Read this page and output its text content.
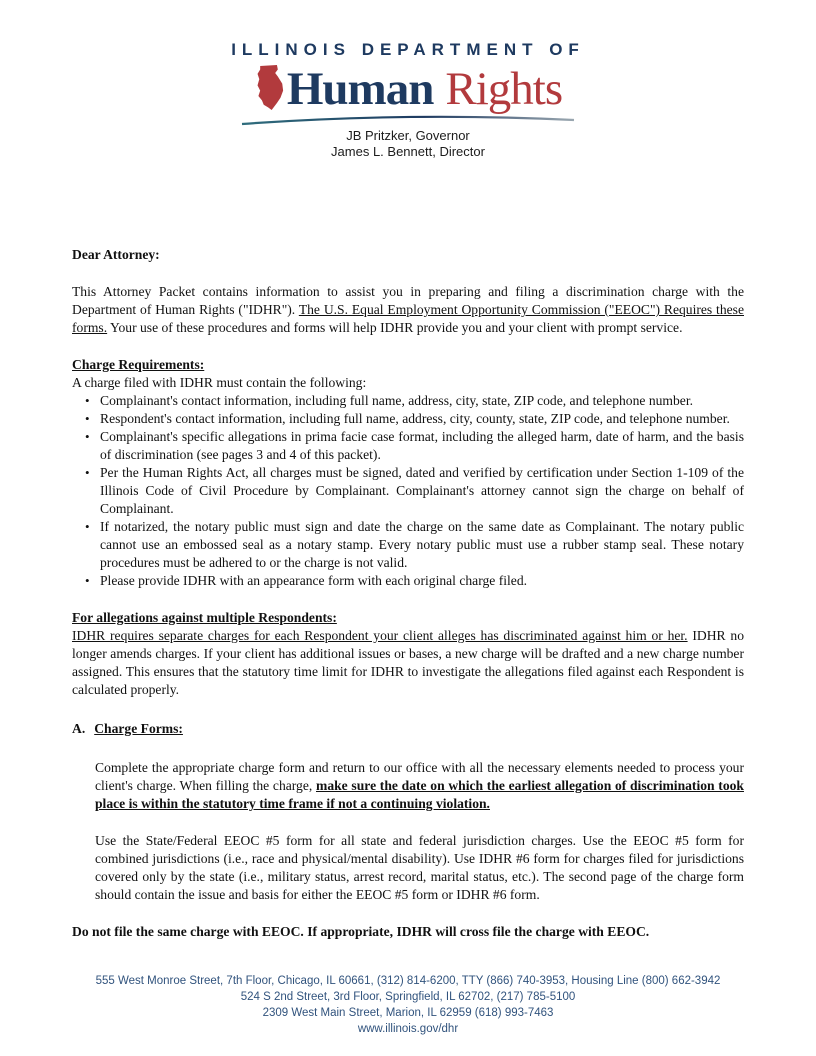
ILLINOIS DEPARTMENT OF
Human Rights
JB Pritzker, Governor
James L. Bennett, Director
Dear Attorney:

This Attorney Packet contains information to assist you in preparing and filing a discrimination charge with the Department of Human Rights ("IDHR"). The U.S. Equal Employment Opportunity Commission ("EEOC") Requires these forms. Your use of these procedures and forms will help IDHR provide you and your client with prompt service.

Charge Requirements:
A charge filed with IDHR must contain the following:
• Complainant's contact information, including full name, address, city, state, ZIP code, and telephone number.
• Respondent's contact information, including full name, address, city, county, state, ZIP code, and telephone number.
• Complainant's specific allegations in prima facie case format, including the alleged harm, date of harm, and the basis of discrimination (see pages 3 and 4 of this packet).
• Per the Human Rights Act, all charges must be signed, dated and verified by certification under Section 1-109 of the Illinois Code of Civil Procedure by Complainant. Complainant's attorney cannot sign the charge on behalf of Complainant.
• If notarized, the notary public must sign and date the charge on the same date as Complainant. The notary public cannot use an embossed seal as a notary stamp. Every notary public must use a rubber stamp seal. These notary procedures must be adhered to or the charge is not valid.
• Please provide IDHR with an appearance form with each original charge filed.
For allegations against multiple Respondents:

IDHR requires separate charges for each Respondent your client alleges has discriminated against him or her. IDHR no longer amends charges. If your client has additional issues or bases, a new charge will be drafted and a new charge number assigned. This ensures that the statutory time limit for IDHR to investigate the allegations filed against each Respondent is calculated properly.

A. Charge Forms:

Complete the appropriate charge form and return to our office with all the necessary elements needed to process your client's charge. When filling the charge, make sure the date on which the earliest allegation of discrimination took place is within the statutory time frame if not a continuing violation.

Use the State/Federal EEOC #5 form for all state and federal jurisdiction charges. Use the EEOC #5 form for combined jurisdictions (i.e., race and physical/mental disability). Use IDHR #6 form for charges filed for jurisdictions covered only by the state (i.e., military status, arrest record, marital status, etc.). The second page of the charge form should contain the issue and basis for either the EEOC #5 form or IDHR #6 form.

Do not file the same charge with EEOC. If appropriate, IDHR will cross file the charge with EEOC.

555 West Monroe Street, 7th Floor, Chicago, IL 60661, (312) 814-6200, TTY (866) 740-3953, Housing Line (800) 662-3942
524 S 2nd Street, 3rd Floor, Springfield, IL 62702, (217) 785-5100
2309 West Main Street, Marion, IL 62959 (618) 993-7463
www.illinois.gov/dhr
